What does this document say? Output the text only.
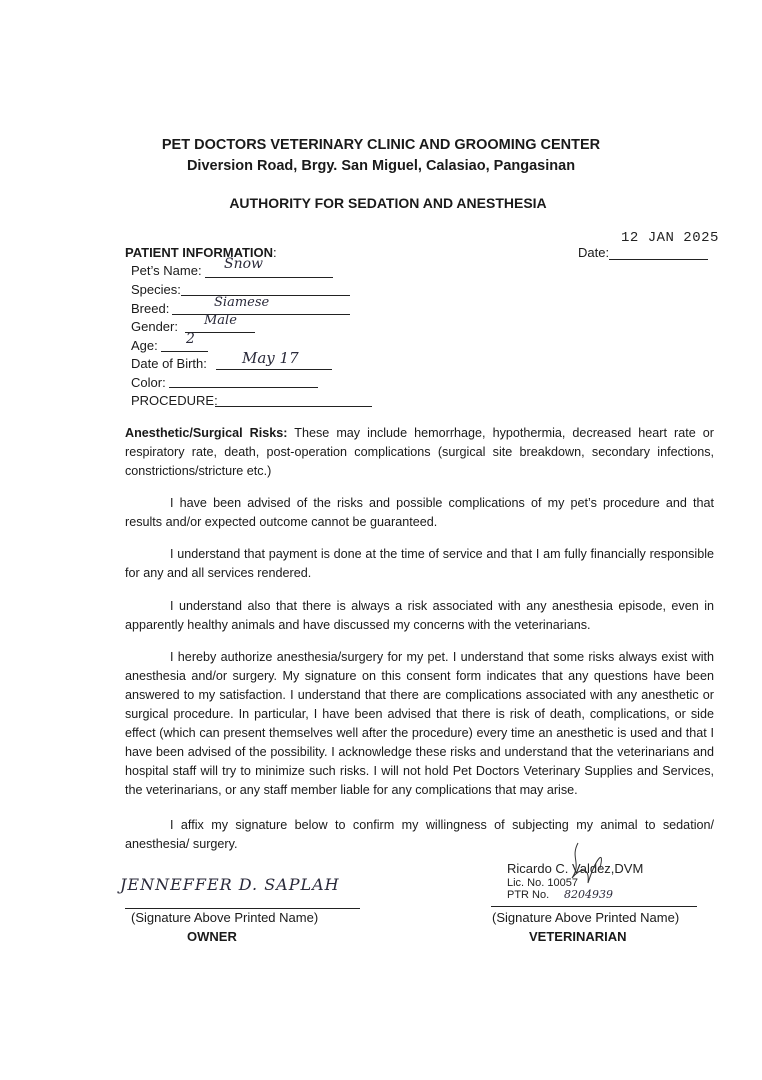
PET DOCTORS VETERINARY CLINIC AND GROOMING CENTER
Diversion Road, Brgy. San Miguel, Calasiao, Pangasinan
AUTHORITY FOR SEDATION AND ANESTHESIA
12 JAN 2025
Date:
PATIENT INFORMATION:
Pet’s Name: Snow
Species:
Breed:	Siamese
Gender: Male
Age: 2
Date of Birth: May 17
Color:
PROCEDURE:

Anesthetic/Surgical Risks: These may include hemorrhage, hypothermia, decreased heart rate or respiratory rate, death, post-operation complications (surgical site breakdown, secondary infections, constrictions/stricture etc.)

I have been advised of the risks and possible complications of my pet’s procedure and that results and/or expected outcome cannot be guaranteed.

I understand that payment is done at the time of service and that I am fully financially responsible for any and all services rendered.

I understand also that there is always a risk associated with any anesthesia episode, even in apparently healthy animals and have discussed my concerns with the veterinarians.

I hereby authorize anesthesia/surgery for my pet. I understand that some risks always exist with anesthesia and/or surgery. My signature on this consent form indicates that any questions have been answered to my satisfaction. I understand that there are complications associated with any anesthetic or surgical procedure. In particular, I have been advised that there is risk of death, complications, or side effect (which can present themselves well after the procedure) every time an anesthetic is used and that I have been advised of the possibility. I acknowledge these risks and understand that the veterinarians and hospital staff will try to minimize such risks. I will not hold Pet Doctors Veterinary Supplies and Services, the veterinarians, or any staff member liable for any complications that may arise.

I affix my signature below to confirm my willingness of subjecting my animal to sedation/ anesthesia/ surgery.

JENNEFFER D. SAPLAH
(Signature Above Printed Name)
OWNER
Ricardo C. Valdez,DVM
Lic. No. 10057
PTR No. 8204939
(Signature Above Printed Name)
VETERINARIAN
